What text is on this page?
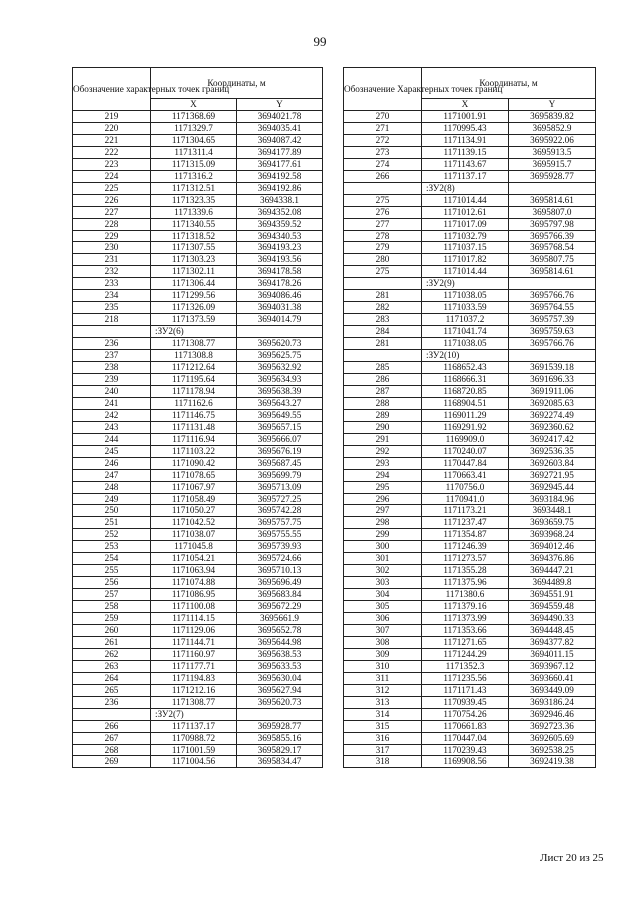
99
Обозначение характерных точек границ	Координаты, м	
	X	Y
219	1171368.69	3694021.78
220	1171329.7	3694035.41
221	1171304.65	3694087.42
222	1171311.4	3694177.89
223	1171315.09	3694177.61
224	1171316.2	3694192.58
225	1171312.51	3694192.86
226	1171323.35	3694338.1
227	1171339.6	3694352.08
228	1171340.55	3694359.52
229	1171318.52	3694340.53
230	1171307.55	3694193.23
231	1171303.23	3694193.56
232	1171302.11	3694178.58
233	1171306.44	3694178.26
234	1171299.56	3694086.46
235	1171326.09	3694031.38
218	1171373.59	3694014.79
	:ЗУ2(6)	
236	1171308.77	3695620.73
237	1171308.8	3695625.75
238	1171212.64	3695632.92
239	1171195.64	3695634.93
240	1171178.94	3695638.39
241	1171162.6	3695643.27
242	1171146.75	3695649.55
243	1171131.48	3695657.15
244	1171116.94	3695666.07
245	1171103.22	3695676.19
246	1171090.42	3695687.45
247	1171078.65	3695699.79
248	1171067.97	3695713.09
249	1171058.49	3695727.25
250	1171050.27	3695742.28
251	1171042.52	3695757.75
252	1171038.07	3695755.55
253	1171045.8	3695739.93
254	1171054.21	3695724.66
255	1171063.94	3695710.13
256	1171074.88	3695696.49
257	1171086.95	3695683.84
258	1171100.08	3695672.29
259	1171114.15	3695661.9
260	1171129.06	3695652.78
261	1171144.71	3695644.98
262	1171160.97	3695638.53
263	1171177.71	3695633.53
264	1171194.83	3695630.04
265	1171212.16	3695627.94
236	1171308.77	3695620.73
	:ЗУ2(7)	
266	1171137.17	3695928.77
267	1170988.72	3695855.16
268	1171001.59	3695829.17
269	1171004.56	3695834.47
Обозначение Характерных точек границ	Координаты, м	
	X	Y
270	1171001.91	3695839.82
271	1170995.43	3695852.9
272	1171134.91	3695922.06
273	1171139.15	3695913.5
274	1171143.67	3695915.7
266	1171137.17	3695928.77
	:ЗУ2(8)	
275	1171014.44	3695814.61
276	1171012.61	3695807.0
277	1171017.09	3695797.98
278	1171032.79	3695766.39
279	1171037.15	3695768.54
280	1171017.82	3695807.75
275	1171014.44	3695814.61
	:ЗУ2(9)	
281	1171038.05	3695766.76
282	1171033.59	3695764.55
283	1171037.2	3695757.39
284	1171041.74	3695759.63
281	1171038.05	3695766.76
	:ЗУ2(10)	
285	1168652.43	3691539.18
286	1168666.31	3691696.33
287	1168720.85	3691911.06
288	1168904.51	3692085.63
289	1169011.29	3692274.49
290	1169291.92	3692360.62
291	1169909.0	3692417.42
292	1170240.07	3692536.35
293	1170447.84	3692603.84
294	1170663.41	3692721.95
295	1170756.0	3692945.44
296	1170941.0	3693184.96
297	1171173.21	3693448.1
298	1171237.47	3693659.75
299	1171354.87	3693968.24
300	1171246.39	3694012.46
301	1171273.57	3694376.86
302	1171355.28	3694447.21
303	1171375.96	3694489.8
304	1171380.6	3694551.91
305	1171379.16	3694559.48
306	1171373.99	3694490.33
307	1171353.66	3694448.45
308	1171271.65	3694377.82
309	1171244.29	3694011.15
310	1171352.3	3693967.12
311	1171235.56	3693660.41
312	1171171.43	3693449.09
313	1170939.45	3693186.24
314	1170754.26	3692946.46
315	1170661.83	3692723.36
316	1170447.04	3692605.69
317	1170239.43	3692538.25
318	1169908.56	3692419.38
Лист 20 из 25
